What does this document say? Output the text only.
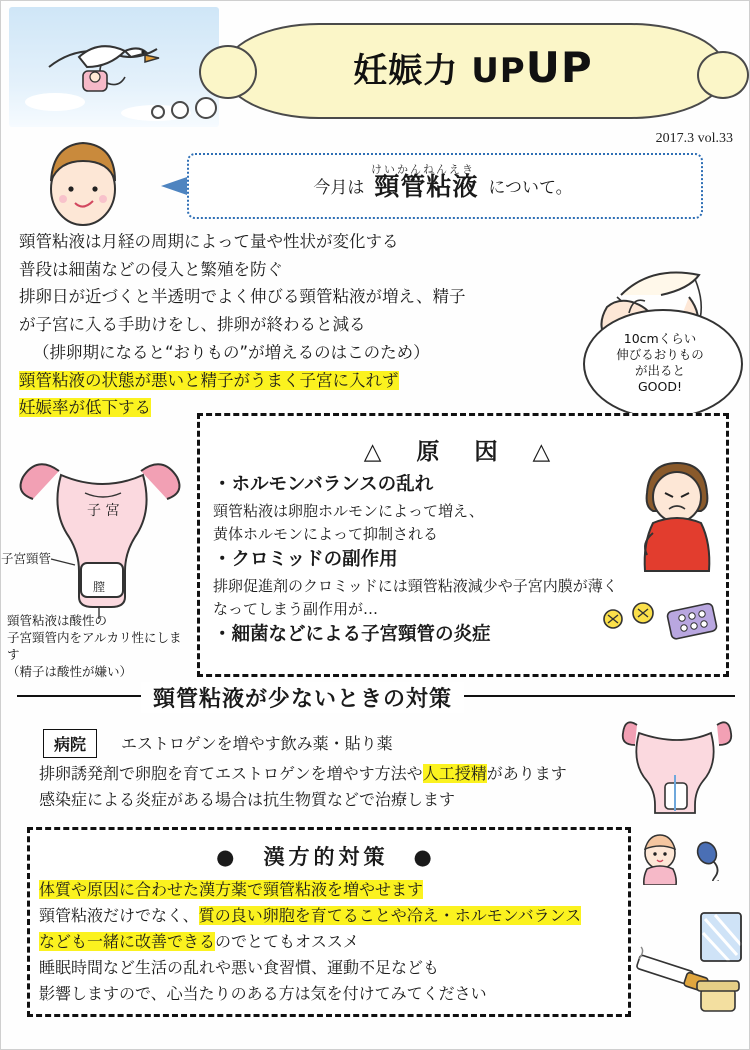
妊娠力 UPUP
2017.3 vol.33
けいかんねんえき
今月は 頸管粘液 について。

頸管粘液は月経の周期によって量や性状が変化する

普段は細菌などの侵入と繁殖を防ぐ

排卵日が近づくと半透明でよく伸びる頸管粘液が増え、精子

が子宮に入る手助けをし、排卵が終わると減る

（排卵期になると“おりもの”が増えるのはこのため）

頸管粘液の状態が悪いと精子がうまく子宮に入れず

妊娠率が低下する

10cmくらい
伸びるおりもの
が出ると
GOOD!
子 宮
膣
子宮頸管
頸管粘液は酸性の
子宮頸管内をアルカリ性にします
（精子は酸性が嫌い）
△　原　因　△

・ホルモンバランスの乱れ

頸管粘液は卵胞ホルモンによって増え、

黄体ホルモンによって抑制される

・クロミッドの副作用

排卵促進剤のクロミッドには頸管粘液減少や子宮内膜が薄く

なってしまう副作用が…

・細菌などによる子宮頸管の炎症

頸管粘液が少ないときの対策
病院	エストロゲンを増やす飲み薬・貼り薬

排卵誘発剤で卵胞を育てエストロゲンを増やす方法や人工授精があります

感染症による炎症がある場合は抗生物質などで治療します

●　漢方的対策　●

体質や原因に合わせた漢方薬で頸管粘液を増やせます

頸管粘液だけでなく、質の良い卵胞を育てることや冷え・ホルモンバランス

なども一緒に改善できるのでとてもオススメ

睡眠時間など生活の乱れや悪い食習慣、運動不足なども

影響しますので、心当たりのある方は気を付けてみてください
